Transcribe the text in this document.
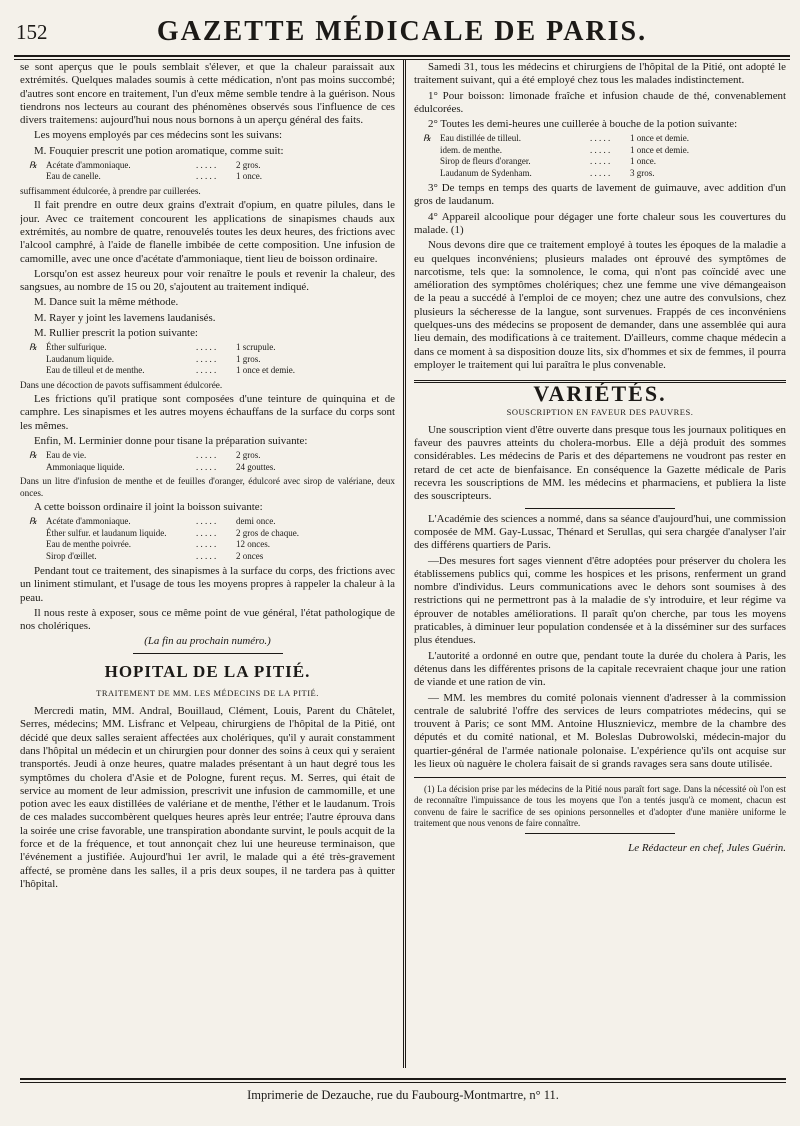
152	GAZETTE MÉDICALE DE PARIS.

se sont aperçus que le pouls semblait s'élever, et que la chaleur paraissait aux extrémités. Quelques malades soumis à cette médication, n'ont pas moins succombé; d'autres sont encore en traitement, l'un d'eux même semble tendre à la guérison. Nous tiendrons nos lecteurs au courant des phénomènes observés sous l'influence de ces divers traitemens: aujourd'hui nous nous bornons à un aperçu général des faits.

Les moyens employés par ces médecins sont les suivans:

M. Fouquier prescrit une potion aromatique, comme suit:

℞ Acétate d'ammoniaque.	. . . . .	2 gros.
Eau de canelle.	. . . . .	1 once.

suffisamment édulcorée, à prendre par cuillerées.

Il fait prendre en outre deux grains d'extrait d'opium, en quatre pilules, dans le jour. Avec ce traitement concourent les applications de sinapismes chauds aux extrémités, au nombre de quatre, renouvelés toutes les deux heures, des frictions avec l'alcool camphré, à l'aide de flanelle imbibée de cette composition. Une infusion de camomille, avec une once d'acétate d'ammoniaque, tient lieu de boisson ordinaire.

Lorsqu'on est assez heureux pour voir renaître le pouls et revenir la chaleur, des sangsues, au nombre de 15 ou 20, s'ajoutent au traitement indiqué.

M. Dance suit la même méthode.

M. Rayer y joint les lavemens laudanisés.

M. Rullier prescrit la potion suivante:

℞ Éther sulfurique.	. . . . .	1 scrupule.
Laudanum liquide.	. . . . .	1 gros.
Eau de tilleul et de menthe.	. . . . .	1 once et demie.

Dans une décoction de pavots suffisamment édulcorée.

Les frictions qu'il pratique sont composées d'une teinture de quinquina et de camphre. Les sinapismes et les autres moyens échauffans de la surface du corps sont les mêmes.

Enfin, M. Lerminier donne pour tisane la préparation suivante:

℞ Eau de vie.	. . . . .	2 gros.
Ammoniaque liquide.	. . . . .	24 gouttes.

Dans un litre d'infusion de menthe et de feuilles d'oranger, édulcoré avec sirop de valériane, deux onces.

A cette boisson ordinaire il joint la boisson suivante:

℞ Acétate d'ammoniaque.	. . . . .	demi once.
Éther sulfur. et laudanum liquide.	. . . . .	2 gros de chaque.
Eau de menthe poivrée.	. . . . .	12 onces.
Sirop d'œillet.	. . . . .	2 onces

Pendant tout ce traitement, des sinapismes à la surface du corps, des frictions avec un liniment stimulant, et l'usage de tous les moyens propres à rappeler la chaleur à la peau.

Il nous reste à exposer, sous ce même point de vue général, l'état pathologique de nos cholériques.

(La fin au prochain numéro.)

HOPITAL DE LA PITIÉ.
TRAITEMENT DE MM. LES MÉDECINS DE LA PITIÉ.

Mercredi matin, MM. Andral, Bouillaud, Clément, Louis, Parent du Châtelet, Serres, médecins; MM. Lisfranc et Velpeau, chirurgiens de l'hôpital de la Pitié, ont décidé que deux salles seraient affectées aux cholériques, qu'il y aurait constamment dans l'hôpital un médecin et un chirurgien pour donner des soins à ceux qui y seraient transportés. Jeudi à onze heures, quatre malades présentant à un haut degré tous les symptômes du cholera d'Asie et de Pologne, furent reçus. M. Serres, qui était de service au moment de leur admission, prescrivit une infusion de cammomille, et une potion avec les eaux distillées de valériane et de menthe, l'éther et le laudanum. Trois de ces malades succombèrent quelques heures après leur entrée; l'autre éprouva dans la soirée une crise favorable, une transpiration abondante survint, le pouls acquit de la force et de la fréquence, et tout annonçait chez lui une heureuse terminaison, que l'événement a justifiée. Aujourd'hui 1er avril, le malade qui a été très-gravement affecté, se promène dans les salles, il a pris deux soupes, il ne tardera pas à quitter l'hôpital.

Samedi 31, tous les médecins et chirurgiens de l'hôpital de la Pitié, ont adopté le traitement suivant, qui a été employé chez tous les malades indistinctement.

1° Pour boisson: limonade fraîche et infusion chaude de thé, convenablement édulcorées.

2° Toutes les demi-heures une cuillerée à bouche de la potion suivante:

℞ Eau distillée de tilleul.	. . . . .	1 once et demie.
idem. de menthe.	. . . . .	1 once et demie.
Sirop de fleurs d'oranger.	. . . . .	1 once.
Laudanum de Sydenham.	. . . . .	3 gros.

3° De temps en temps des quarts de lavement de guimauve, avec addition d'un gros de laudanum.

4° Appareil alcoolique pour dégager une forte chaleur sous les couvertures du malade. (1)

Nous devons dire que ce traitement employé à toutes les époques de la maladie a eu quelques inconvéniens; plusieurs malades ont éprouvé des symptômes de narcotisme, tels que: la somnolence, le coma, qui n'ont pas coïncidé avec une amélioration des symptômes cholériques; chez une femme une vive démangeaison de la peau a succédé à l'emploi de ce moyen; chez une autre des convulsions, chez plusieurs la sécheresse de la langue, sont survenues. Frappés de ces inconvéniens quelques-uns des médecins se proposent de demander, dans une assemblée qui aura lieu demain, des modifications à ce traitement. D'ailleurs, comme chaque médecin a dans ce moment à sa disposition douze lits, six d'hommes et six de femmes, il pourra employer le traitement qui lui paraîtra le plus convenable.

VARIÉTÉS.
SOUSCRIPTION EN FAVEUR DES PAUVRES.

Une souscription vient d'être ouverte dans presque tous les journaux politiques en faveur des pauvres atteints du cholera-morbus. Elle a déjà produit des sommes considérables. Les médecins de Paris et des départemens ne voudront pas rester en retard de cet acte de bienfaisance. En conséquence la Gazette médicale de Paris recevra les souscriptions de MM. les médecins et pharmaciens, et publiera la liste des souscripteurs.

L'Académie des sciences a nommé, dans sa séance d'aujourd'hui, une commission composée de MM. Gay-Lussac, Thénard et Serullas, qui sera chargée d'analyser l'air des différens quartiers de Paris.

—Des mesures fort sages viennent d'être adoptées pour préserver du cholera les établissemens publics qui, comme les hospices et les prisons, renferment un grand nombre d'individus. Leurs communications avec le dehors sont soumises à des restrictions qui ne permettront pas à la maladie de s'y introduire, et leur régime va éprouver de notables améliorations. Il paraît qu'on cherche, par tous les moyens praticables, à diminuer leur population condensée et à la disséminer sur des surfaces plus étendues.

L'autorité a ordonné en outre que, pendant toute la durée du cholera à Paris, les détenus dans les différentes prisons de la capitale recevraient chaque jour une ration de viande et une ration de vin.

— MM. les membres du comité polonais viennent d'adresser à la commission centrale de salubrité l'offre des services de leurs compatriotes médecins, qui se trouvent à Paris; ce sont MM. Antoine Hlusznievicz, membre de la chambre des députés et du comité national, et M. Boleslas Dubrowolski, médecin-major du quartier-général de l'armée nationale polonaise. L'expérience qu'ils ont acquise sur les lieux où naguère le cholera faisait de si grands ravages sera sans doute utilisée.

(1) La décision prise par les médecins de la Pitié nous paraît fort sage. Dans la nécessité où l'on est de reconnaître l'impuissance de tous les moyens que l'on a tentés jusqu'à ce moment, chacun est convenu de faire le sacrifice de ses opinions personnelles et d'adopter d'une manière uniforme le traitement que nous venons de faire connaître.

Le Rédacteur en chef, Jules Guérin.

Imprimerie de Dezauche, rue du Faubourg-Montmartre, n° 11.
